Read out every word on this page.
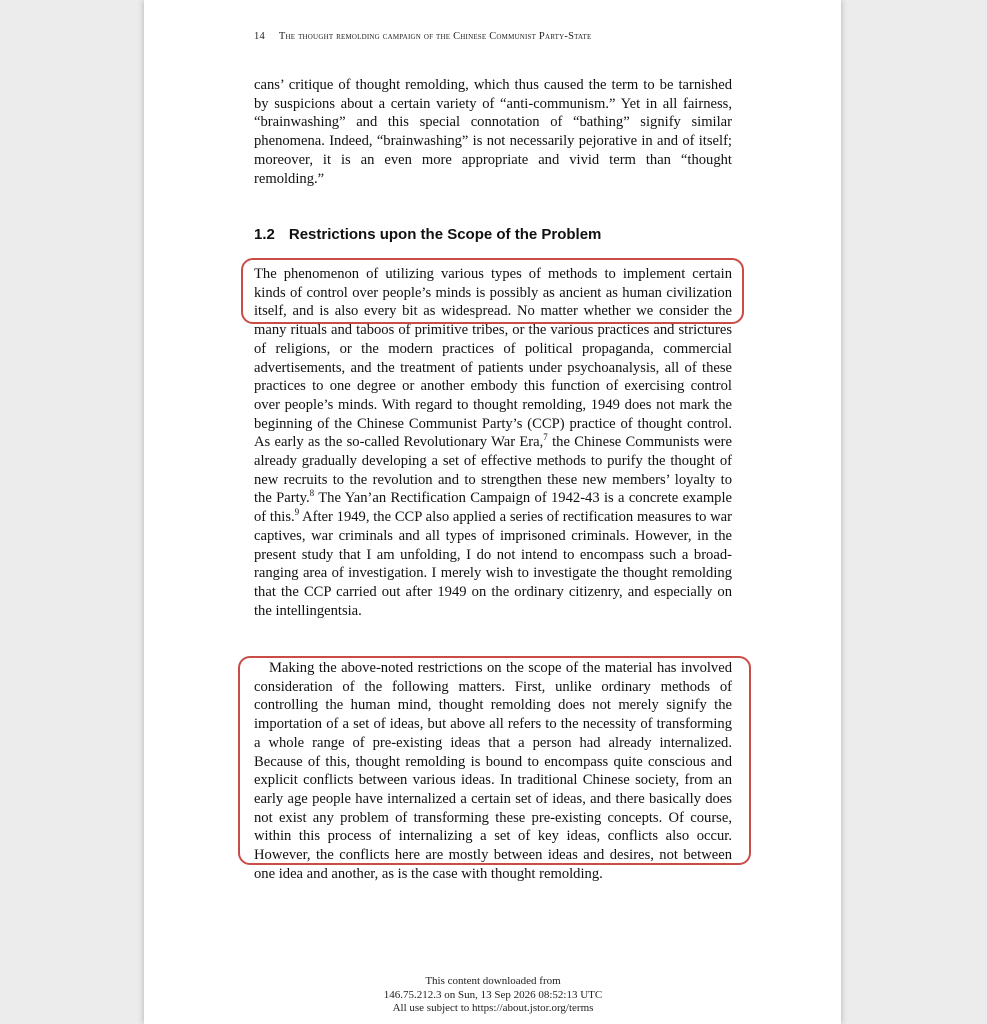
14 The thought remolding campaign of the Chinese Communist Party-State

cans’ critique of thought remolding, which thus caused the term to be tarnished by suspicions about a certain variety of “anti-communism.” Yet in all fairness, “brainwashing” and this special connotation of “bathing” signify similar phenomena. Indeed, “brainwashing” is not necessarily pejorative in and of itself; moreover, it is an even more appropriate and vivid term than “thought remolding.”

1.2 Restrictions upon the Scope of the Problem

The phenomenon of utilizing various types of methods to implement certain kinds of control over people’s minds is possibly as ancient as human civilization itself, and is also every bit as widespread. No matter whether we consider the many rituals and taboos of primitive tribes, or the various practices and strictures of religions, or the modern practices of political propaganda, commercial advertisements, and the treatment of patients under psychoanalysis, all of these practices to one degree or another embody this function of exercising control over people’s minds. With regard to thought remolding, 1949 does not mark the beginning of the Chinese Communist Party’s (CCP) practice of thought control. As early as the so-called Revolutionary War Era,$^7$ the Chinese Communists were already gradually developing a set of effective methods to purify the thought of new recruits to the revolution and to strengthen these new members’ loyalty to the Party.$^8$ The Yan’an Rectification Campaign of 1942-43 is a concrete example of this.$^9$ After 1949, the CCP also applied a series of rectification measures to war captives, war criminals and all types of imprisoned criminals. However, in the present study that I am unfolding, I do not intend to encompass such a broad-ranging area of investigation. I merely wish to investigate the thought remolding that the CCP carried out after 1949 on the ordinary citizenry, and especially on the intellingentsia.

Making the above-noted restrictions on the scope of the material has involved consideration of the following matters. First, unlike ordinary methods of controlling the human mind, thought remolding does not merely signify the importation of a set of ideas, but above all refers to the necessity of transforming a whole range of pre-existing ideas that a person had already internalized. Because of this, thought remolding is bound to encompass quite conscious and explicit conflicts between various ideas. In traditional Chinese society, from an early age people have internalized a certain set of ideas, and there basically does not exist any problem of transforming these pre-existing concepts. Of course, within this process of internalizing a set of key ideas, conflicts also occur. However, the conflicts here are mostly between ideas and desires, not between one idea and another, as is the case with thought remolding.

This content downloaded from
146.75.212.3 on Sun, 13 Sep 2026 08:52:13 UTC
All use subject to https://about.jstor.org/terms
